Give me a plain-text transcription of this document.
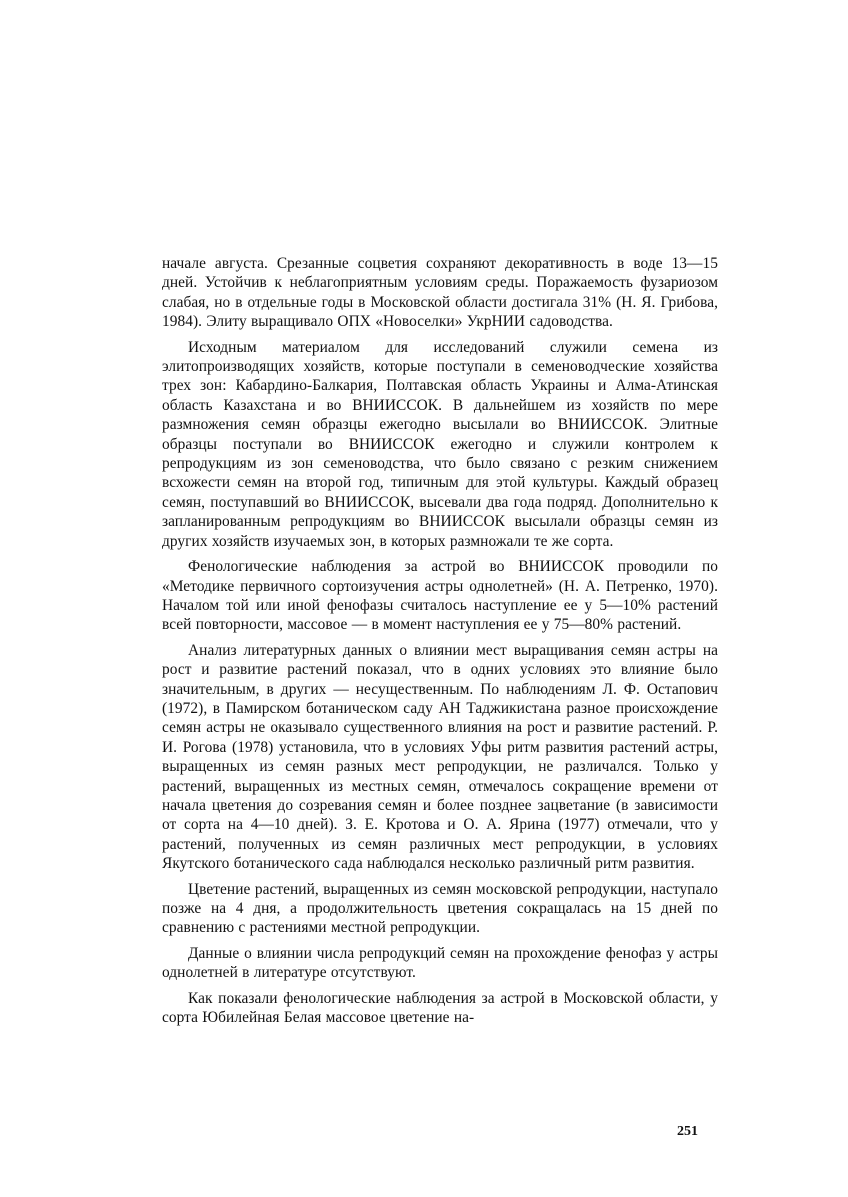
начале августа. Срезанные соцветия сохраняют декоративность в воде 13—15 дней. Устойчив к неблагоприятным условиям среды. Поражаемость фузариозом слабая, но в отдельные годы в Московской области достигала 31% (Н. Я. Грибова, 1984). Элиту выращивало ОПХ «Новоселки» УкрНИИ садоводства.

Исходным материалом для исследований служили семена из элитопроизводящих хозяйств, которые поступали в семеноводческие хозяйства трех зон: Кабардино-Балкария, Полтавская область Украины и Алма-Атинская область Казахстана и во ВНИИССОК. В дальнейшем из хозяйств по мере размножения семян образцы ежегодно высылали во ВНИИССОК. Элитные образцы поступали во ВНИИССОК ежегодно и служили контролем к репродукциям из зон семеноводства, что было связано с резким снижением всхожести семян на второй год, типичным для этой культуры. Каждый образец семян, поступавший во ВНИИССОК, высевали два года подряд. Дополнительно к запланированным репродукциям во ВНИИССОК высылали образцы семян из других хозяйств изучаемых зон, в которых размножали те же сорта.

Фенологические наблюдения за астрой во ВНИИССОК проводили по «Методике первичного сортоизучения астры однолетней» (Н. А. Петренко, 1970). Началом той или иной фенофазы считалось наступление ее у 5—10% растений всей повторности, массовое — в момент наступления ее у 75—80% растений.

Анализ литературных данных о влиянии мест выращивания семян астры на рост и развитие растений показал, что в одних условиях это влияние было значительным, в других — несущественным. По наблюдениям Л. Ф. Остапович (1972), в Памирском ботаническом саду АН Таджикистана разное происхождение семян астры не оказывало существенного влияния на рост и развитие растений. Р. И. Рогова (1978) установила, что в условиях Уфы ритм развития растений астры, выращенных из семян разных мест репродукции, не различался. Только у растений, выращенных из местных семян, отмечалось сокращение времени от начала цветения до созревания семян и более позднее зацветание (в зависимости от сорта на 4—10 дней). З. Е. Кротова и О. А. Ярина (1977) отмечали, что у растений, полученных из семян различных мест репродукции, в условиях Якутского ботанического сада наблюдался несколько различный ритм развития.

Цветение растений, выращенных из семян московской репродукции, наступало позже на 4 дня, а продолжительность цветения сокращалась на 15 дней по сравнению с растениями местной репродукции.

Данные о влиянии числа репродукций семян на прохождение фенофаз у астры однолетней в литературе отсутствуют.

Как показали фенологические наблюдения за астрой в Московской области, у сорта Юбилейная Белая массовое цветение на-

251
